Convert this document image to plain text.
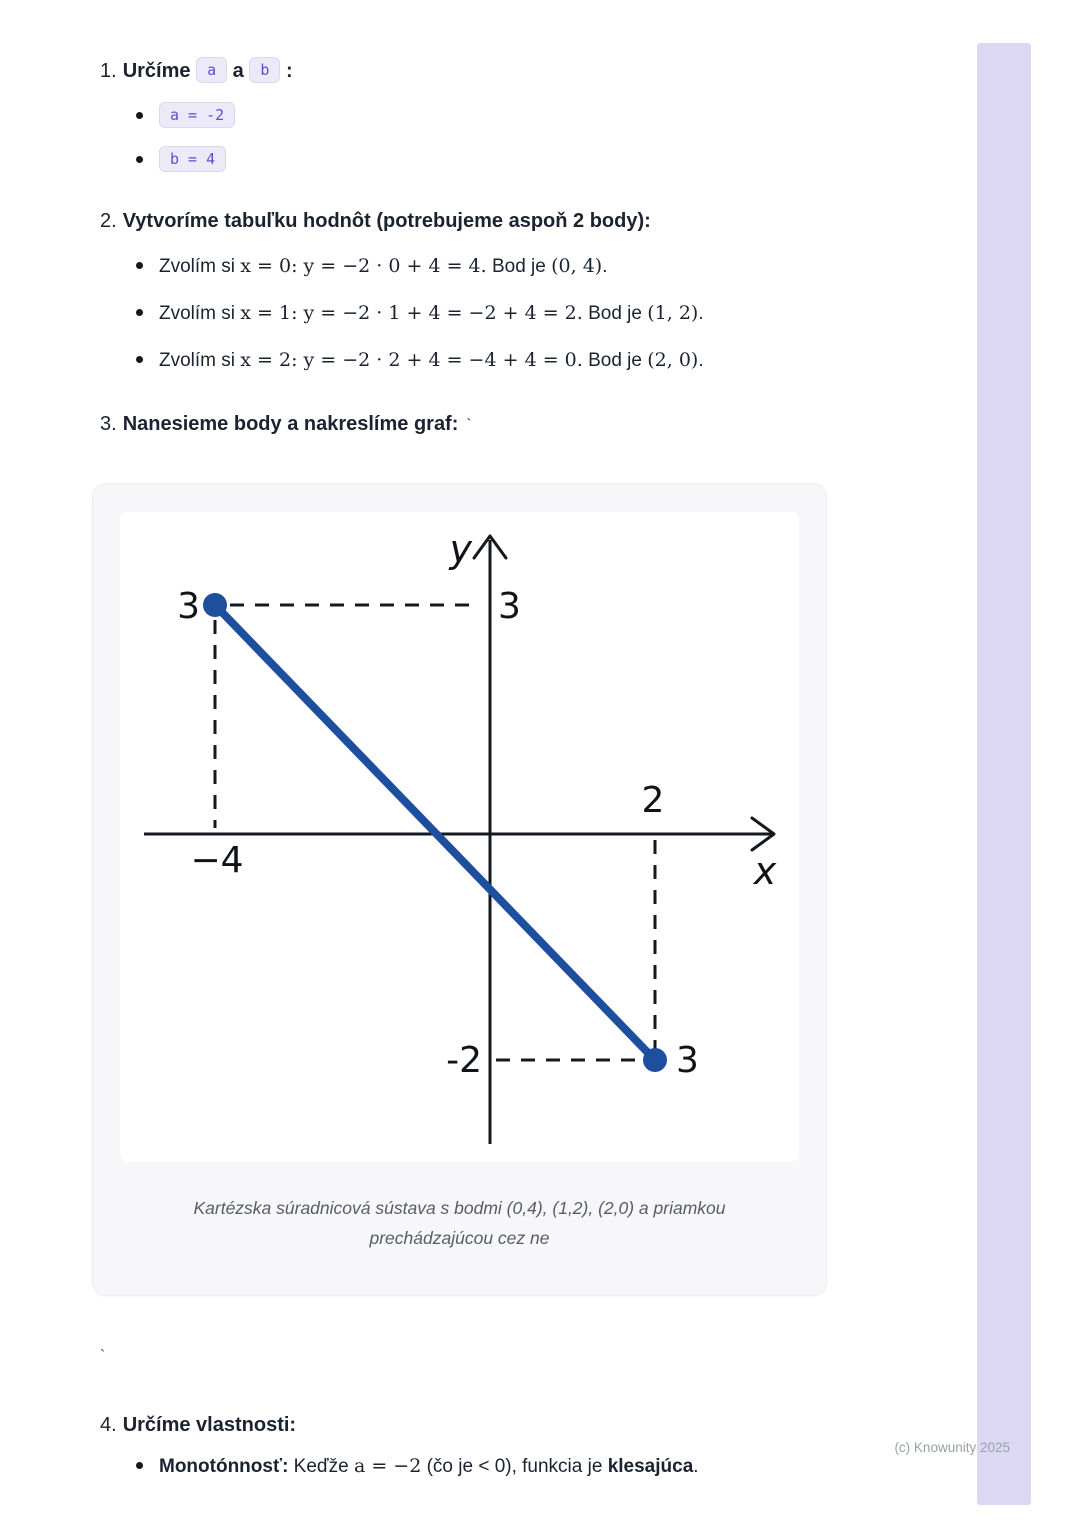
1. Určíme a a b :
a = -2
b = 4
2. Vytvoríme tabuľku hodnôt (potrebujeme aspoň 2 body):
Zvolím si x = 0: y = −2 · 0 + 4 = 4. Bod je (0, 4).
Zvolím si x = 1: y = −2 · 1 + 4 = −2 + 4 = 2. Bod je (1, 2).
Zvolím si x = 2: y = −2 · 2 + 4 = −4 + 4 = 0. Bod je (2, 0).
3. Nanesieme body a nakreslíme graf: `
y
x
3	3
−4
2
-2	3
Kartézska súradnicová sústava s bodmi (0,4), (1,2), (2,0) a priamkou
prechádzajúcou cez ne
`
4. Určíme vlastnosti:
Monotónnosť: Keďže a = −2 (čo je < 0), funkcia je klesajúca.
(c) Knowunity 2025
